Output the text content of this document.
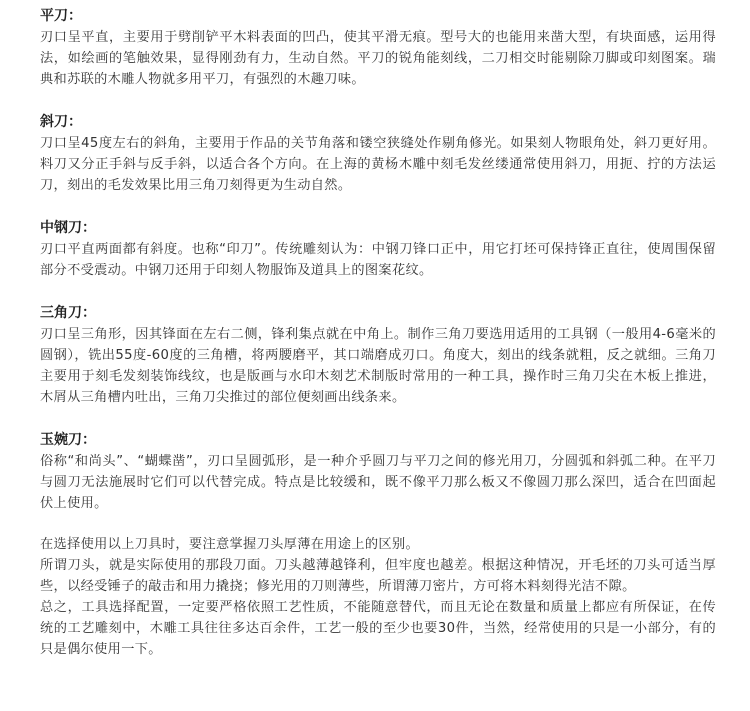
平刀：

刃口呈平直，主要用于劈削铲平木料表面的凹凸，使其平滑无痕。型号大的也能用来凿大型，有块面感，运用得法，如绘画的笔触效果，显得刚劲有力，生动自然。平刀的锐角能刻线，二刀相交时能剔除刀脚或印刻图案。瑞典和苏联的木雕人物就多用平刀，有强烈的木趣刀味。

斜刀：

刀口呈45度左右的斜角，主要用于作品的关节角落和镂空狭缝处作剔角修光。如果刻人物眼角处，斜刀更好用。料刀又分正手斜与反手斜，以适合各个方向。在上海的黄杨木雕中刻毛发丝缕通常使用斜刀，用扼、拧的方法运刀，刻出的毛发效果比用三角刀刻得更为生动自然。

中钢刀：

刃口平直两面都有斜度。也称“印刀”。传统雕刻认为：中钢刀锋口正中，用它打坯可保持锋正直往，使周围保留部分不受震动。中钢刀还用于印刻人物服饰及道具上的图案花纹。

三角刀：

刃口呈三角形，因其锋面在左右二侧，锋利集点就在中角上。制作三角刀要选用适用的工具钢（一般用4-6毫米的圆钢），铣出55度-60度的三角槽，将两腰磨平，其口端磨成刃口。角度大，刻出的线条就粗，反之就细。三角刀主要用于刻毛发刻装饰线纹，也是版画与水印木刻艺术制版时常用的一种工具，操作时三角刀尖在木板上推进，木屑从三角槽内吐出，三角刀尖推过的部位便刻画出线条来。

玉婉刀：

俗称“和尚头”、“蝴蝶凿”，刃口呈圆弧形，是一种介乎圆刀与平刀之间的修光用刀，分圆弧和斜弧二种。在平刀与圆刀无法施展时它们可以代替完成。特点是比较缓和，既不像平刀那么板又不像圆刀那么深凹，适合在凹面起伏上使用。

在选择使用以上刀具时，要注意掌握刀头厚薄在用途上的区别。

所谓刀头，就是实际使用的那段刀面。刀头越薄越锋利，但牢度也越差。根据这种情况，开毛坯的刀头可适当厚些，以经受锤子的敲击和用力撬挠；修光用的刀则薄些，所谓薄刀密片，方可将木料刻得光洁不隙。

总之，工具选择配置，一定要严格依照工艺性质，不能随意替代，而且无论在数量和质量上都应有所保证，在传统的工艺雕刻中，木雕工具往往多达百余件，工艺一般的至少也要30件，当然，经常使用的只是一小部分，有的只是偶尔使用一下。
